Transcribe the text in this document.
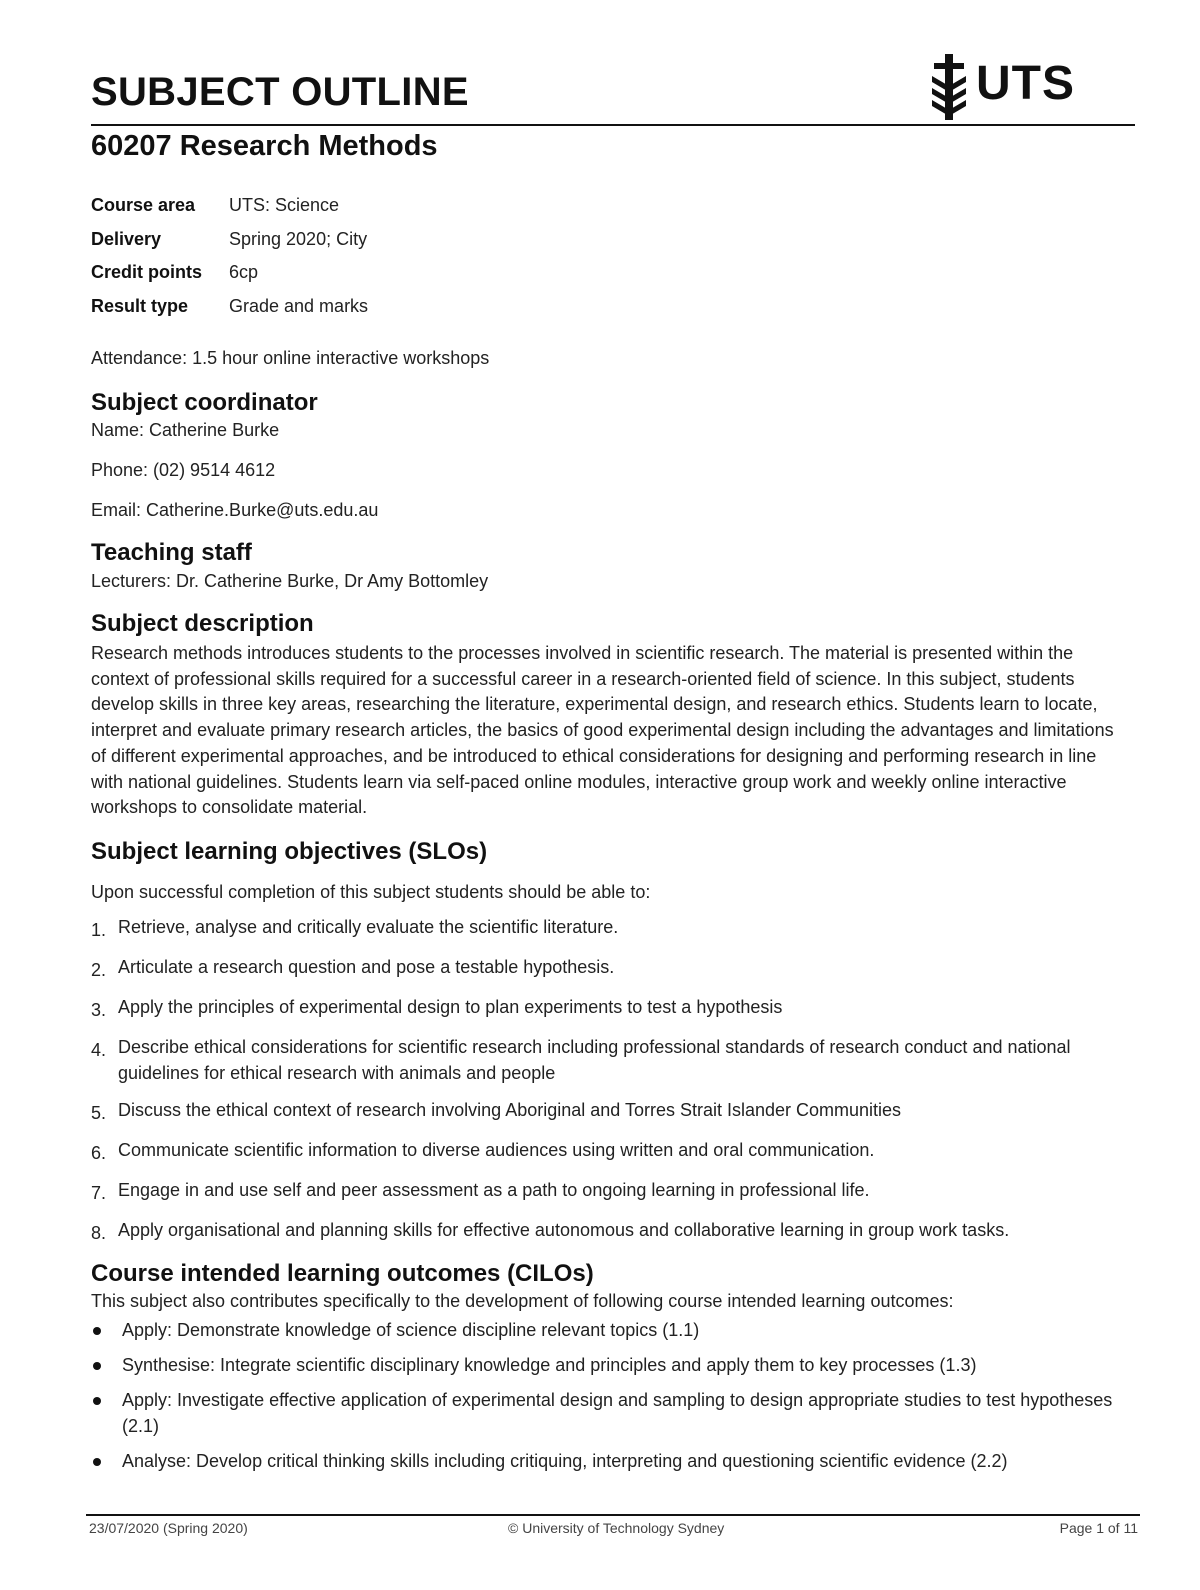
SUBJECT OUTLINE	UTS
60207 Research Methods
Course area	UTS: Science
Delivery	Spring 2020; City
Credit points	6cp
Result type	Grade and marks

Attendance: 1.5 hour online interactive workshops

Subject coordinator

Name: Catherine Burke

Phone: (02) 9514 4612

Email: Catherine.Burke@uts.edu.au

Teaching staff

Lecturers: Dr. Catherine Burke, Dr Amy Bottomley

Subject description

Research methods introduces students to the processes involved in scientific research. The material is presented within the context of professional skills required for a successful career in a research-oriented field of science. In this subject, students develop skills in three key areas, researching the literature, experimental design, and research ethics. Students learn to locate, interpret and evaluate primary research articles, the basics of good experimental design including the advantages and limitations of different experimental approaches, and be introduced to ethical considerations for designing and performing research in line with national guidelines. Students learn via self-paced online modules, interactive group work and weekly online interactive workshops to consolidate material.

Subject learning objectives (SLOs)

Upon successful completion of this subject students should be able to:

1. Retrieve, analyse and critically evaluate the scientific literature.
2. Articulate a research question and pose a testable hypothesis.
3. Apply the principles of experimental design to plan experiments to test a hypothesis
4. Describe ethical considerations for scientific research including professional standards of research conduct and national guidelines for ethical research with animals and people
5. Discuss the ethical context of research involving Aboriginal and Torres Strait Islander Communities
6. Communicate scientific information to diverse audiences using written and oral communication.
7. Engage in and use self and peer assessment as a path to ongoing learning in professional life.
8. Apply organisational and planning skills for effective autonomous and collaborative learning in group work tasks.
Course intended learning outcomes (CILOs)

This subject also contributes specifically to the development of following course intended learning outcomes:

Apply: Demonstrate knowledge of science discipline relevant topics (1.1)
Synthesise: Integrate scientific disciplinary knowledge and principles and apply them to key processes (1.3)
Apply: Investigate effective application of experimental design and sampling to design appropriate studies to test hypotheses (2.1)
Analyse: Develop critical thinking skills including critiquing, interpreting and questioning scientific evidence (2.2)
23/07/2020 (Spring 2020)	© University of Technology Sydney	Page 1 of 11
